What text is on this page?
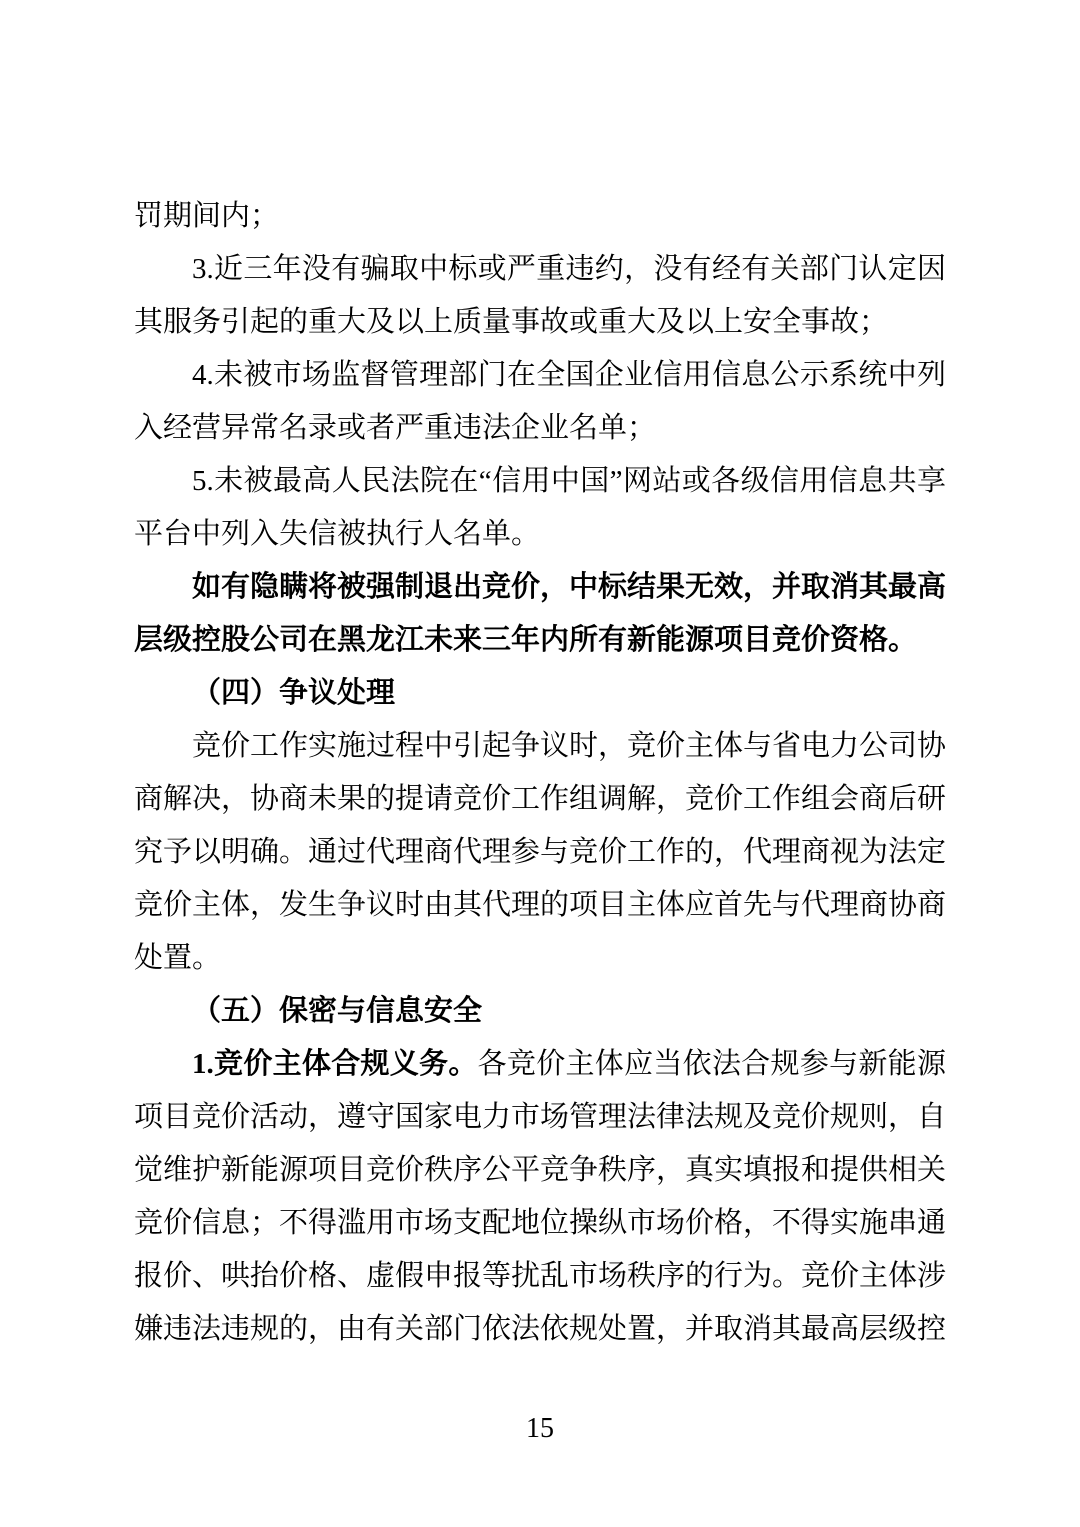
罚期间内；

3.近三年没有骗取中标或严重违约，没有经有关部门认定因其服务引起的重大及以上质量事故或重大及以上安全事故；

4.未被市场监督管理部门在全国企业信用信息公示系统中列入经营异常名录或者严重违法企业名单；

5.未被最高人民法院在“信用中国”网站或各级信用信息共享平台中列入失信被执行人名单。

如有隐瞒将被强制退出竞价，中标结果无效，并取消其最高层级控股公司在黑龙江未来三年内所有新能源项目竞价资格。

（四）争议处理

竞价工作实施过程中引起争议时，竞价主体与省电力公司协商解决，协商未果的提请竞价工作组调解，竞价工作组会商后研究予以明确。通过代理商代理参与竞价工作的，代理商视为法定竞价主体，发生争议时由其代理的项目主体应首先与代理商协商处置。

（五）保密与信息安全

1.竞价主体合规义务。各竞价主体应当依法合规参与新能源项目竞价活动，遵守国家电力市场管理法律法规及竞价规则，自觉维护新能源项目竞价秩序公平竞争秩序，真实填报和提供相关竞价信息；不得滥用市场支配地位操纵市场价格，不得实施串通报价、哄抬价格、虚假申报等扰乱市场秩序的行为。竞价主体涉嫌违法违规的，由有关部门依法依规处置，并取消其最高层级控

15
